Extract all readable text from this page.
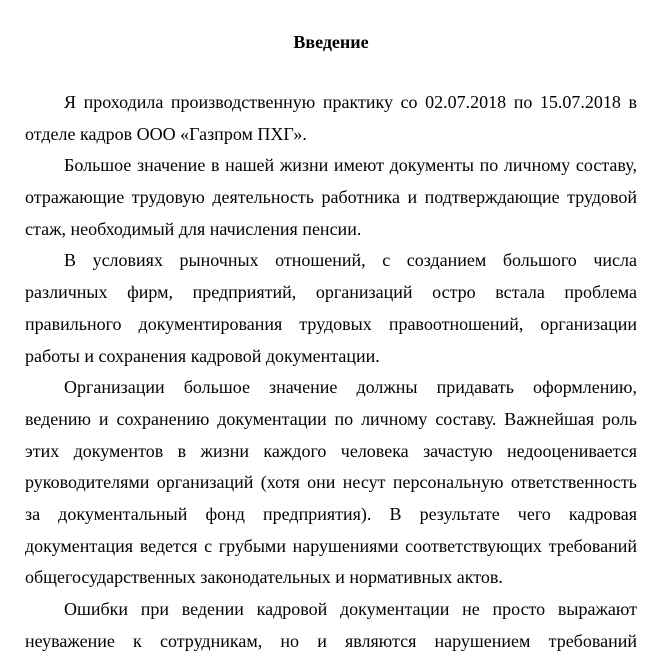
Введение
Я проходила производственную практику со 02.07.2018 по 15.07.2018 в
отделе кадров ООО «Газпром ПХГ».
Большое значение в нашей жизни имеют документы по личному составу,
отражающие трудовую деятельность работника и подтверждающие трудовой
стаж, необходимый для начисления пенсии.
В условиях рыночных отношений, с созданием большого числа
различных фирм, предприятий, организаций остро встала проблема
правильного документирования трудовых правоотношений, организации
работы и сохранения кадровой документации.
Организации большое значение должны придавать оформлению,
ведению и сохранению документации по личному составу. Важнейшая роль
этих документов в жизни каждого человека зачастую недооценивается
руководителями организаций (хотя они несут персональную ответственность
за документальный фонд предприятия). В результате чего кадровая
документация ведется с грубыми нарушениями соответствующих требований
общегосударственных законодательных и нормативных актов.
Ошибки при ведении кадровой документации не просто выражают
неуважение к сотрудникам, но и являются нарушением требований
